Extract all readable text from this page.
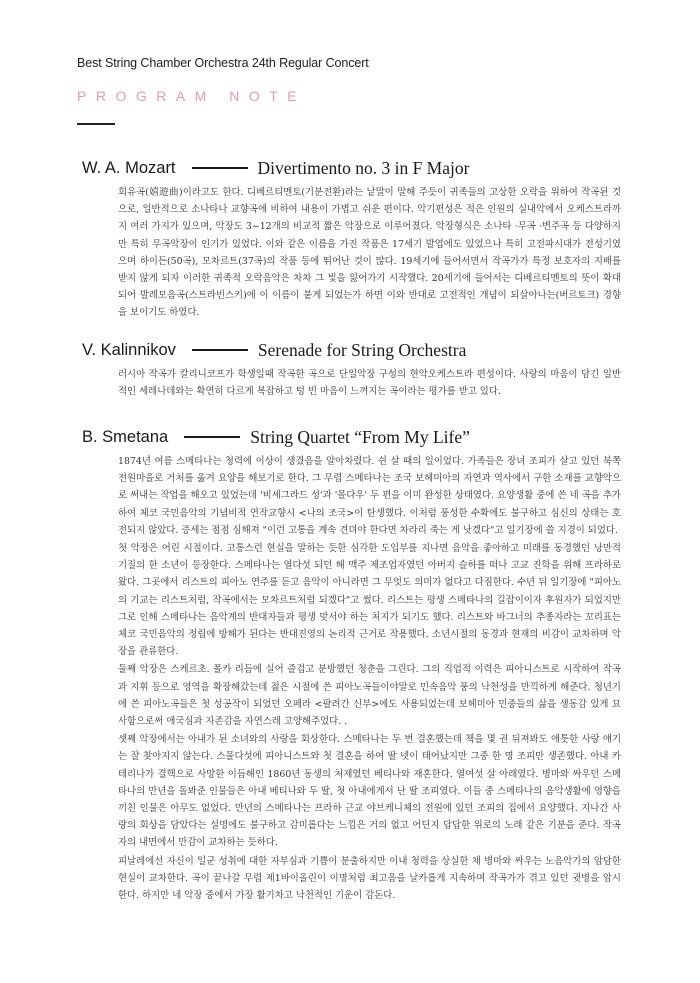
Best String Chamber Orchestra 24th Regular Concert
PROGRAM NOTE
W. A. Mozart	Divertimento no. 3 in F Major

희유곡(嬉遊曲)이라고도 한다. 디베르티멘토(기분전환)라는 낱말이 말해 주듯이 귀족들의 고상한 오락을 위하여 작곡된 것으로, 일반적으로 소나타나 교향곡에 비하여 내용이 가볍고 쉬운 편이다. 악기편성은 적은 인원의 실내악에서 오케스트라까지 여러 가지가 있으며, 악장도 3~12개의 비교적 짧은 악장으로 이루어졌다. 악장형식은 소나타 ·무곡 ·변주곡 등 다양하지만 특히 무곡악장이 인기가 있었다. 이와 같은 이름을 가진 작품은 17세기 발엽에도 있었으나 특히 고전파시대가 전성기였으며 하이든(50곡), 모차르트(37곡)의 작품 등에 뛰어난 것이 많다. 19세기에 들어서면서 작곡가가 특정 보호자의 지배를 받지 않게 되자 이러한 귀족적 오락음악은 차차 그 빛을 잃어가기 시작했다. 20세기에 들어서는 디베르티멘토의 뜻이 확대되어 발레모음곡(스트라빈스키)에 이 이름이 붙게 되었는가 하면 이와 반대로 고전적인 개념이 되살아나는(버르토크) 경향을 보이기도 하였다.

V. Kalinnikov	Serenade for String Orchestra

러시아 작곡가 칼리니코프가 학생일때 작곡한 곡으로 단일악장 구성의 현악오케스트라 편성이다. 사랑의 마음이 담긴 일반적인 세레나데와는 확연히 다르게 복잡하고 텅 빈 마음이 느껴지는 곡이라는 평가를 받고 있다.

B. Smetana	String Quartet “From My Life”

1874년 여름 스메타나는 청력에 이상이 생겼음을 알아차렸다. 쉰 살 때의 일이었다. 가족들은 장녀 조피가 살고 있던 북쪽 전원마을로 거처를 옮겨 요양을 해보기로 한다. 그 무렵 스메타나는 조국 보헤미아의 자연과 역사에서 구한 소재를 교향악으로 써내는 작업을 해오고 있었는데 '비세그라드 성'과 '몰다우' 두 편을 이미 완성한 상태였다. 요양생활 중에 쓴 네 곡을 추가하여 체코 국민음악의 기념비적 연작교향시 <나의 조국>이 탄생했다. 이처럼 풍성한 수확에도 불구하고 심신의 상태는 호전되지 않았다. 증세는 점점 심해져 "이런 고통을 계속 견뎌야 한다면 차라리 죽는 게 낫겠다"고 일기장에 쓸 지경이 되었다.

첫 악장은 어린 시절이다. 고통스런 현실을 말하는 듯한 심각한 도입부를 지나면 음악을 좋아하고 미래를 동경했던 낭만적 기질의 한 소년이 등장한다. 스메타나는 열다섯 되던 해 맥주 제조업자였던 아버지 슬하를 떠나 고교 진학을 위해 프라하로 왔다. 그곳에서 리스트의 피아노 연주를 듣고 음악이 아니라면 그 무엇도 의미가 없다고 다짐한다. 수년 뒤 일기장에 "피아노의 기교는 리스트처럼, 작곡에서는 모차르트처럼 되겠다"고 썼다. 리스트는 평생 스메타나의 길잡이이자 후원자가 되었지만 그로 인해 스메타나는 음악계의 반대자들과 평생 맞서야 하는 처지가 되기도 했다. 리스트와 바그너의 추종자라는 꼬리표는 체코 국민음악의 정립에 방해가 된다는 반대진영의 논리적 근거로 작용했다. 소년시절의 동경과 현재의 비감이 교차하며 악장을 관류한다.

둘째 악장은 스케르초. 폴카 리듬에 실어 즐겁고 분방했던 청춘을 그린다. 그의 직업적 이력은 피아니스트로 시작하여 작곡과 지휘 등으로 영역을 확장해갔는데 젊은 시절에 쓴 피아노곡들이야말로 민속음악 풍의 낙천성을 만끽하게 해준다. 청년기에 쓴 피아노곡들은 첫 성공작이 되었던 오페라 <팔려간 신부>에도 사용되었는데 보헤미아 민중들의 삶을 생동감 있게 묘사함으로써 애국심과 자존감을 자연스레 고양해주었다. .

셋째 악장에서는 아내가 된 소녀와의 사랑을 회상한다. 스메타나는 두 번 결혼했는데 책을 몇 권 뒤져봐도 애틋한 사랑 얘기는 잘 찾아지지 않는다. 스물다섯에 피아니스트와 첫 결혼을 하여 딸 넷이 태어났지만 그중 한 명 조피만 생존했다. 아내 카테리나가 결핵으로 사망한 이듬해인 1860년 동생의 처제였던 베티나와 재혼한다. 열여섯 살 아래였다. 병마와 싸우던 스메타나의 만년을 돌봐준 인물들은 아내 베티나와 두 딸, 첫 아내에게서 난 딸 조피였다. 이들 중 스메타나의 음악생활에 영향을 끼친 인물은 아무도 없었다. 만년의 스메타나는 프라하 근교 야브케니체의 전원에 있던 조피의 집에서 요양했다. 지나간 사랑의 회상을 담았다는 설명에도 불구하고 감미롭다는 느낌은 거의 없고 어딘지 답답한 위로의 노래 같은 기분을 준다. 작곡자의 내면에서 만감이 교차하는 듯하다.

피날레에선 자신이 일군 성취에 대한 자부심과 기쁨이 분출하지만 이내 청력을 상실한 채 병마와 싸우는 노음악가의 암담한 현실이 교차한다. 곡이 끝나갈 무렵 제1바이올린이 이명처럼 최고음을 날카롭게 지속하며 작곡가가 겪고 있던 귓병을 암시한다. 하지만 네 악장 중에서 가장 활기차고 낙천적인 기운이 감돈다.
